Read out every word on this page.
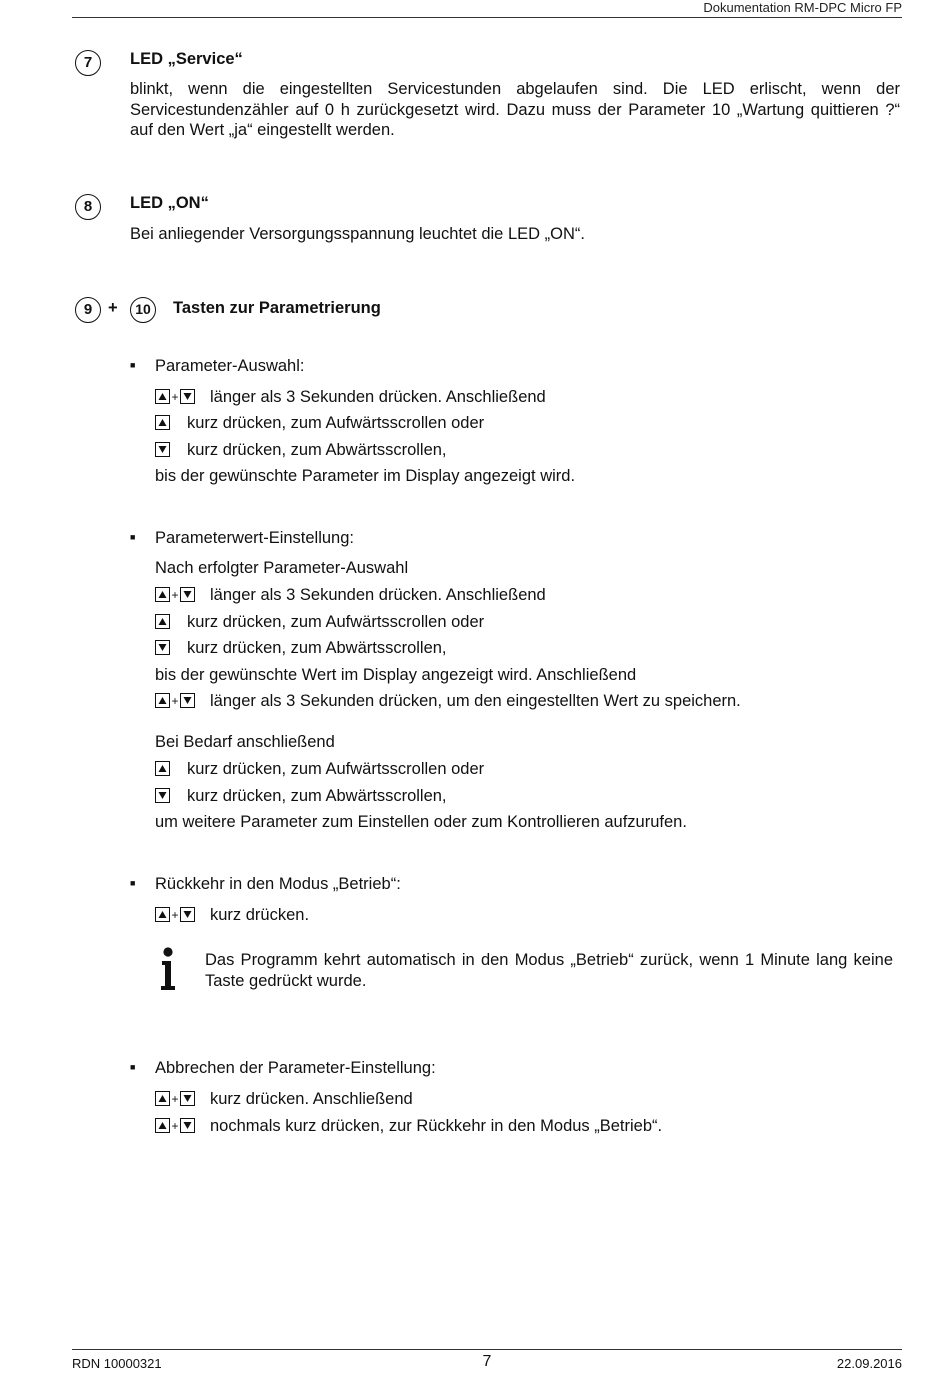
Dokumentation RM-DPC Micro FP
7	LED „Service“
blinkt, wenn die eingestellten Servicestunden abgelaufen sind. Die LED erlischt, wenn der Servicestundenzähler auf 0 h zurückgesetzt wird. Dazu muss der Parameter 10 „Wartung quittieren ?“ auf den Wert „ja“ eingestellt werden.
8	LED „ON“
Bei anliegender Versorgungsspannung leuchtet die LED „ON“.
9 +	10	Tasten zur Parametrierung
■ Parameter-Auswahl:
+ länger als 3 Sekunden drücken. Anschließend
kurz drücken, zum Aufwärtsscrollen oder
kurz drücken, zum Abwärtsscrollen,
bis der gewünschte Parameter im Display angezeigt wird.
■ Parameterwert-Einstellung:
Nach erfolgter Parameter-Auswahl
+ länger als 3 Sekunden drücken. Anschließend
kurz drücken, zum Aufwärtsscrollen oder
kurz drücken, zum Abwärtsscrollen,
bis der gewünschte Wert im Display angezeigt wird. Anschließend
+ länger als 3 Sekunden drücken, um den eingestellten Wert zu speichern.
Bei Bedarf anschließend
kurz drücken, zum Aufwärtsscrollen oder
kurz drücken, zum Abwärtsscrollen,
um weitere Parameter zum Einstellen oder zum Kontrollieren aufzurufen.
■ Rückkehr in den Modus „Betrieb“:
+ kurz drücken.
Das Programm kehrt automatisch in den Modus „Betrieb“ zurück, wenn 1 Minute lang keine Taste gedrückt wurde.
■ Abbrechen der Parameter-Einstellung:
+ kurz drücken. Anschließend
+ nochmals kurz drücken, zur Rückkehr in den Modus „Betrieb“.
RDN 10000321	7	22.09.2016
